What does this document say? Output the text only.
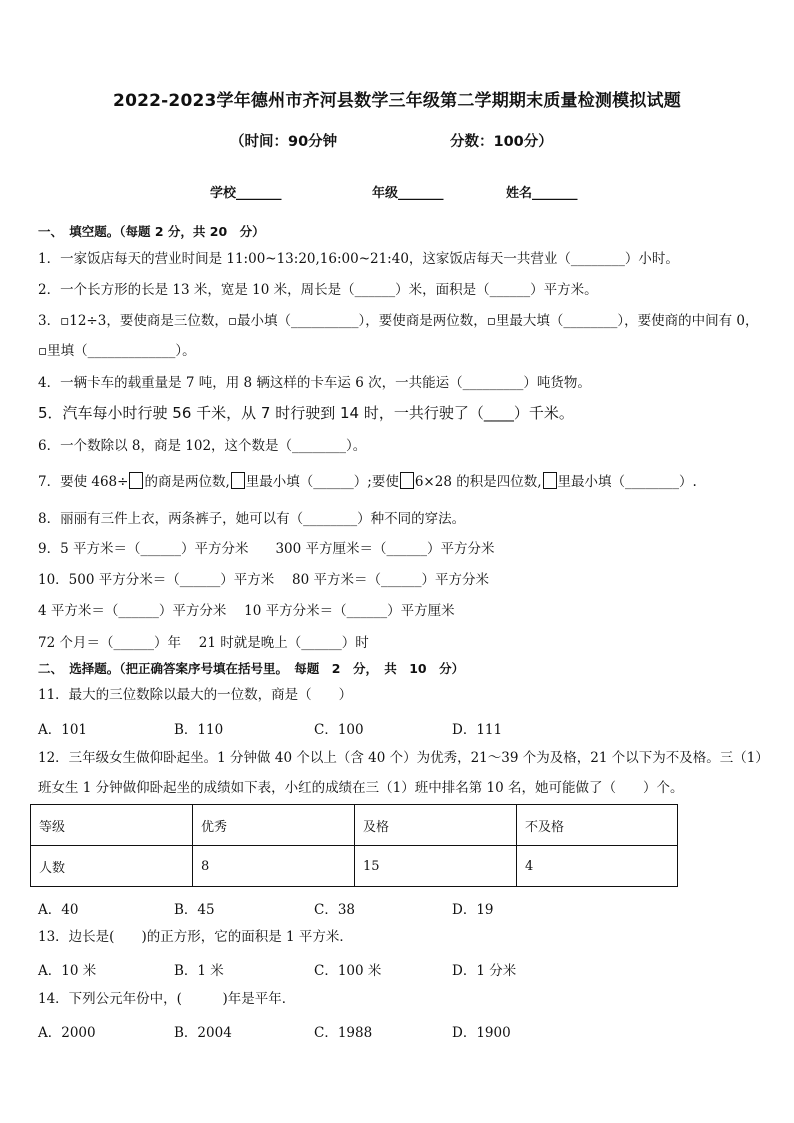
2022-2023学年德州市齐河县数学三年级第二学期期末质量检测模拟试题
（时间：90分钟	分数：100分）
学校_______	年级_______	姓名_______
一、　填空题。（每题 2 分，共 20　分）
1．一家饭店每天的营业时间是 11:00~13:20,16:00~21:40，这家饭店每天一共营业（________）小时。
2．一个长方形的长是 13 米，宽是 10 米，周长是（______）米，面积是（______）平方米。
3．▫12÷3，要使商是三位数，▫最小填（__________），要使商是两位数，▫里最大填（________），要使商的中间有 0，
▫里填（_____________）。
4．一辆卡车的载重量是 7 吨，用 8 辆这样的卡车运 6 次，一共能运（_________）吨货物。
5．汽车每小时行驶 56 千米，从 7 时行驶到 14 时，一共行驶了（____）千米。
6．一个数除以 8，商是 102，这个数是（________）。
7．要使 468÷ 的商是两位数, 里最小填（______）;要使 6×28 的积是四位数, 里最小填（________）.
8．丽丽有三件上衣，两条裤子，她可以有（________）种不同的穿法。
9．5 平方米＝（______）平方分米　　300 平方厘米＝（______）平方分米
10．500 平方分米＝（______）平方米　 80 平方米＝（______）平方分米
4 平方米＝（______）平方分米　 10 平方分米＝（______）平方厘米
72 个月＝（______）年　 21 时就是晚上（______）时
二、　选择题。（把正确答案序号填在括号里。　每题　2　分，　共　10　分）
11．最大的三位数除以最大的一位数，商是（　　）
A．101	B．110	C．100	D．111
12．三年级女生做仰卧起坐。1 分钟做 40 个以上（含 40 个）为优秀，21～39 个为及格，21 个以下为不及格。三（1）
班女生 1 分钟做仰卧起坐的成绩如下表，小红的成绩在三（1）班中排名第 10 名，她可能做了（　　）个。
等级	优秀	及格	不及格
人数	8	15	4
A．40	B．45	C．38	D．19
13．边长是(　　)的正方形，它的面积是 1 平方米．
A．10 米	B．1 米	C．100 米	D．1 分米
14．下列公元年份中，(　　　)年是平年．
A．2000	B．2004	C．1988	D．1900
